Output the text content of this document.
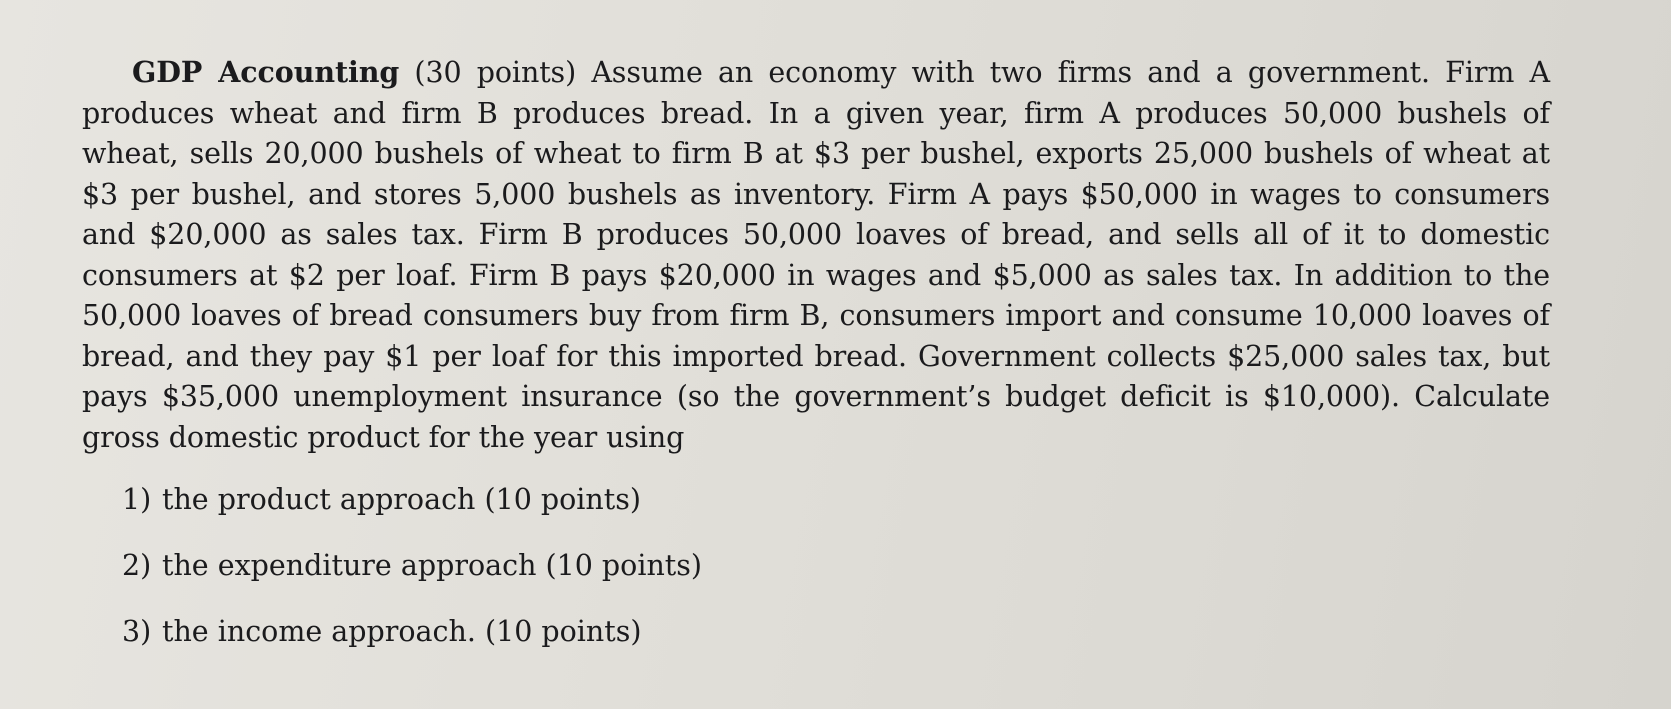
GDP Accounting (30 points) Assume an economy with two firms and a government. Firm A produces wheat and firm B produces bread. In a given year, firm A produces 50,000 bushels of wheat, sells 20,000 bushels of wheat to firm B at $3 per bushel, exports 25,000 bushels of wheat at $3 per bushel, and stores 5,000 bushels as inventory. Firm A pays $50,000 in wages to consumers and $20,000 as sales tax. Firm B produces 50,000 loaves of bread, and sells all of it to domestic consumers at $2 per loaf. Firm B pays $20,000 in wages and $5,000 as sales tax. In addition to the 50,000 loaves of bread consumers buy from firm B, consumers import and consume 10,000 loaves of bread, and they pay $1 per loaf for this imported bread. Government collects $25,000 sales tax, but pays $35,000 unemployment insurance (so the government’s budget deficit is $10,000). Calculate gross domestic product for the year using

1) the product approach (10 points)
2) the expenditure approach (10 points)
3) the income approach. (10 points)
